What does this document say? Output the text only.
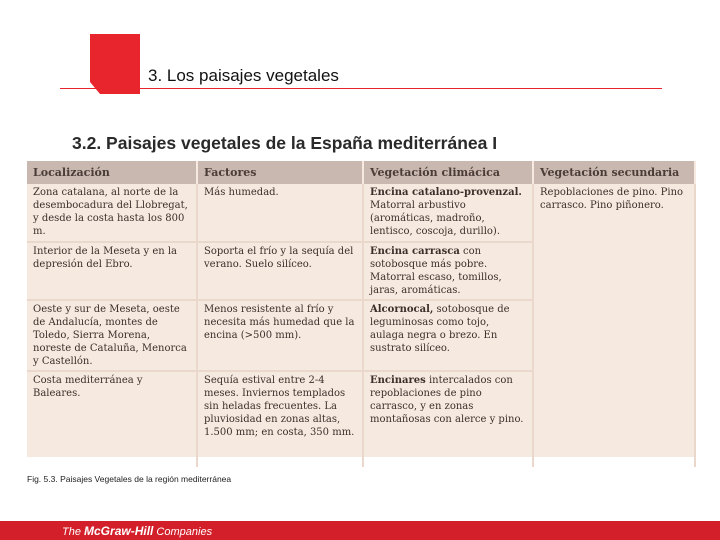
3. Los paisajes vegetales
3.2. Paisajes vegetales de la España mediterránea I
Localización	Factores	Vegetación climácica	Vegetación secundaria
Zona catalana, al norte de la desembocadura del Llobregat, y desde la costa hasta los 800 m.	Más humedad.	Encina catalano-provenzal. Matorral arbustivo (aromáticas, madroño, lentisco, coscoja, durillo).	Repoblaciones de pino. Pino carrasco. Pino piñonero.
Interior de la Meseta y en la depresión del Ebro.	Soporta el frío y la sequía del verano. Suelo silíceo.	Encina carrasca con sotobosque más pobre. Matorral escaso, tomillos, jaras, aromáticas.	
Oeste y sur de Meseta, oeste de Andalucía, montes de Toledo, Sierra Morena, noreste de Cataluña, Menorca y Castellón.	Menos resistente al frío y necesita más humedad que la encina (>500 mm).	Alcornocal, sotobosque de leguminosas como tojo, aulaga negra o brezo. En sustrato silíceo.	
Costa mediterránea y Baleares.	Sequía estival entre 2-4 meses. Inviernos templados sin heladas frecuentes. La pluviosidad en zonas altas, 1.500 mm; en costa, 350 mm.	Encinares intercalados con repoblaciones de pino carrasco, y en zonas montañosas con alerce y pino.	
Fig. 5.3. Paisajes Vegetales de la región mediterránea
The McGraw-Hill Companies
